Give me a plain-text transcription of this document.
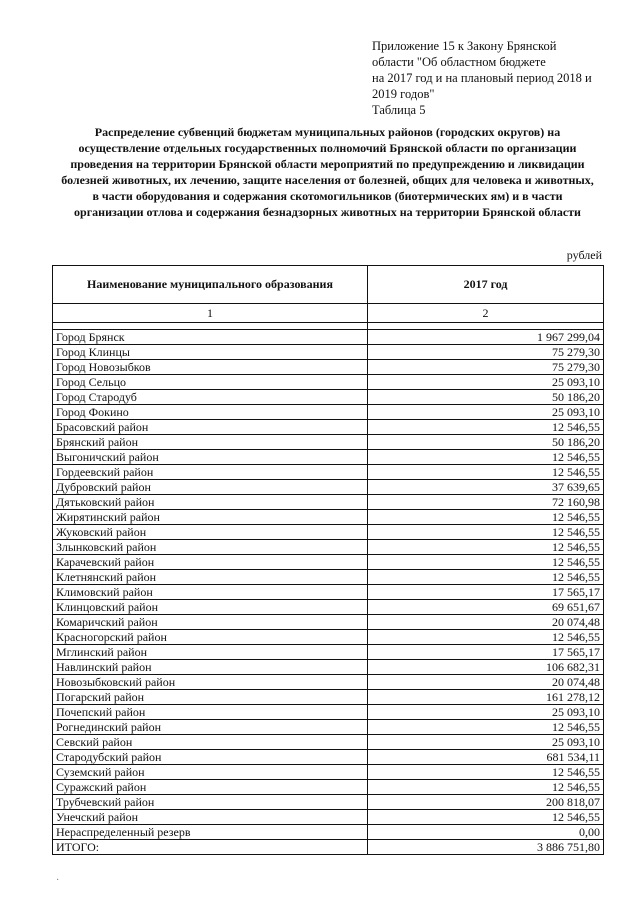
Приложение 15 к Закону Брянской
области "Об областном бюджете
на 2017 год и на плановый период 2018 и
2019 годов"
Таблица 5
Распределение субвенций бюджетам муниципальных районов (городских округов) на осуществление отдельных государственных полномочий Брянской области по организации проведения на территории Брянской области мероприятий по предупреждению и ликвидации болезней животных, их лечению, защите населения от болезней, общих для человека и животных, в части оборудования и содержания скотомогильников (биотермических ям) и в части организации отлова и содержания безнадзорных животных на территории Брянской области
рублей
Наименование муниципального образования	2017 год
1	2

Город Брянск	1 967 299,04
Город Клинцы	75 279,30
Город Новозыбков	75 279,30
Город Сельцо	25 093,10
Город Стародуб	50 186,20
Город Фокино	25 093,10
Брасовский район	12 546,55
Брянский район	50 186,20
Выгоничский район	12 546,55
Гордеевский район	12 546,55
Дубровский район	37 639,65
Дятьковский район	72 160,98
Жирятинский район	12 546,55
Жуковский район	12 546,55
Злынковский район	12 546,55
Карачевский район	12 546,55
Клетнянский район	12 546,55
Климовский район	17 565,17
Клинцовский район	69 651,67
Комаричский район	20 074,48
Красногорский район	12 546,55
Мглинский район	17 565,17
Навлинский район	106 682,31
Новозыбковский район	20 074,48
Погарский район	161 278,12
Почепский район	25 093,10
Рогнединский район	12 546,55
Севский район	25 093,10
Стародубский район	681 534,11
Суземский район	12 546,55
Суражский район	12 546,55
Трубчевский район	200 818,07
Унечский район	12 546,55
Нераспределенный резерв	0,00
ИТОГО:	3 886 751,80
·
